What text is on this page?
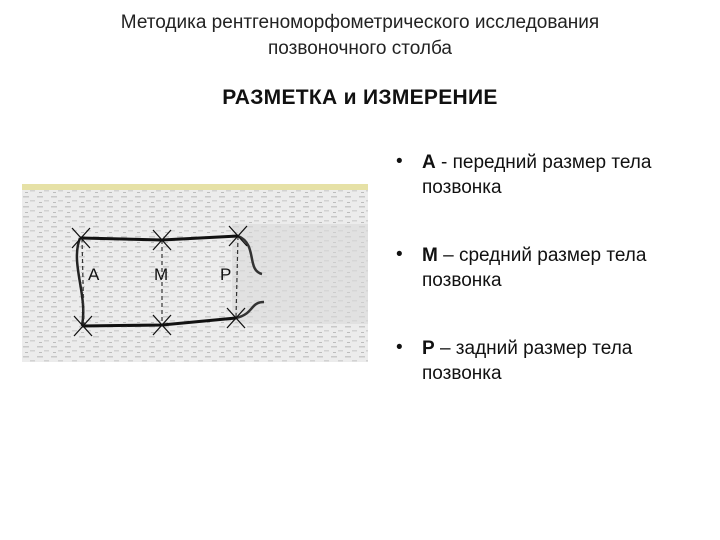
Методика рентгеноморфометрического исследования
позвоночного столба
РАЗМЕТКА и ИЗМЕРЕНИЕ
A	M	P
• A - передний размер тела позвонка
• M – средний размер тела позвонка
• P – задний размер тела позвонка
